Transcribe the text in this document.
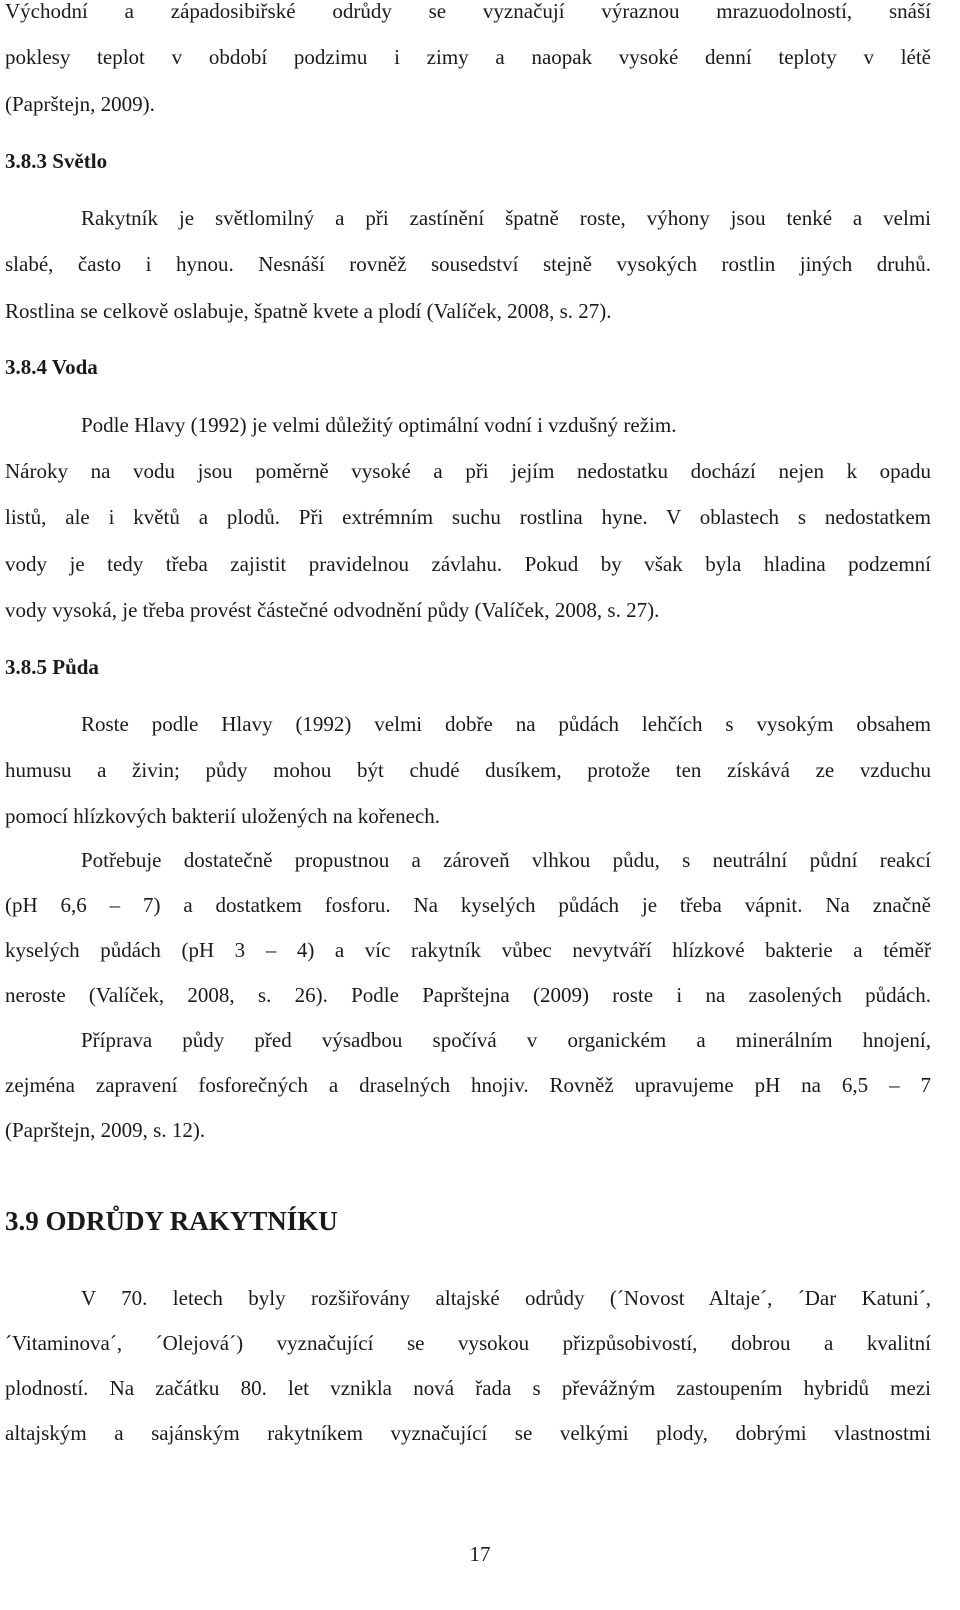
Východní a západosibiřské odrůdy se vyznačují výraznou mrazuodolností, snáší
poklesy teplot v období podzimu i zimy a naopak vysoké denní teploty v létě
(Paprštejn, 2009).
3.8.3 Světlo
Rakytník je světlomilný a při zastínění špatně roste, výhony jsou tenké a velmi
slabé, často i hynou. Nesnáší rovněž sousedství stejně vysokých rostlin jiných druhů.
Rostlina se celkově oslabuje, špatně kvete a plodí (Valíček, 2008, s. 27).
3.8.4 Voda
Podle Hlavy (1992) je velmi důležitý optimální vodní i vzdušný režim.
Nároky na vodu jsou poměrně vysoké a při jejím nedostatku dochází nejen k opadu
listů, ale i květů a plodů. Při extrémním suchu rostlina hyne. V oblastech s nedostatkem
vody je tedy třeba zajistit pravidelnou závlahu. Pokud by však byla hladina podzemní
vody vysoká, je třeba provést částečné odvodnění půdy (Valíček, 2008, s. 27).
3.8.5 Půda
Roste podle Hlavy (1992) velmi dobře na půdách lehčích s vysokým obsahem
humusu a živin; půdy mohou být chudé dusíkem, protože ten získává ze vzduchu
pomocí hlízkových bakterií uložených na kořenech.
Potřebuje dostatečně propustnou a zároveň vlhkou půdu, s neutrální půdní reakcí
(pH 6,6 – 7) a dostatkem fosforu. Na kyselých půdách je třeba vápnit. Na značně
kyselých půdách (pH 3 – 4) a víc rakytník vůbec nevytváří hlízkové bakterie a téměř
neroste (Valíček, 2008, s. 26). Podle Paprštejna (2009) roste i na zasolených půdách.
Příprava půdy před výsadbou spočívá v organickém a minerálním hnojení,
zejména zapravení fosforečných a draselných hnojiv. Rovněž upravujeme pH na 6,5 – 7
(Paprštejn, 2009, s. 12).
3.9 ODRŮDY RAKYTNÍKU
V 70. letech byly rozšiřovány altajské odrůdy (´Novost Altaje´, ´Dar Katuni´,
´Vitaminova´, ´Olejová´) vyznačující se vysokou přizpůsobivostí, dobrou a kvalitní
plodností. Na začátku 80. let vznikla nová řada s převážným zastoupením hybridů mezi
altajským a sajánským rakytníkem vyznačující se velkými plody, dobrými vlastnostmi
17
